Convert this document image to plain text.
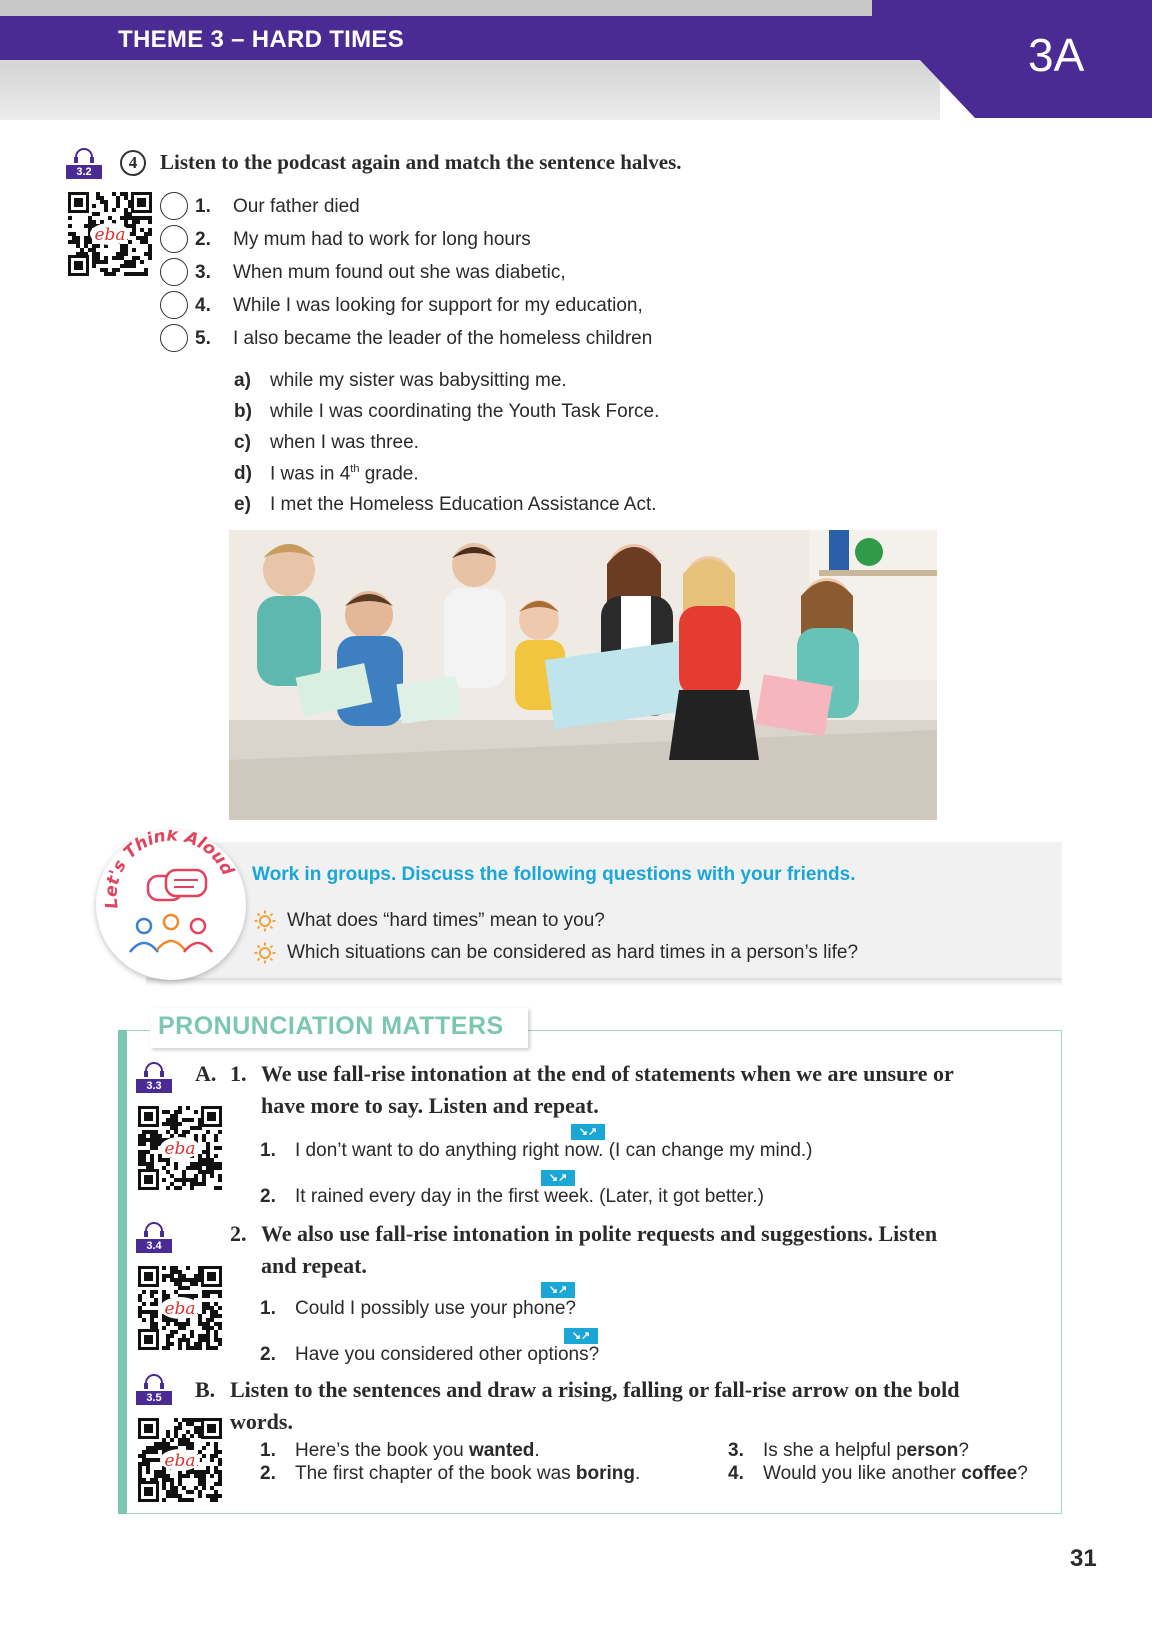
THEME 3 – HARD TIMES	3A
3.2
eba
4	Listen to the podcast again and match the sentence halves.
1. Our father died
2. My mum had to work for long hours
3. When mum found out she was diabetic,
4. While I was looking for support for my education,
5. I also became the leader of the homeless children
a) while my sister was babysitting me.
b) while I was coordinating the Youth Task Force.
c) when I was three.
d) I was in 4th grade.
e) I met the Homeless Education Assistance Act.
Let's Think Aloud Work in groups. Discuss the following questions with your friends.
What does “hard times” mean to you?
Which situations can be considered as hard times in a person’s life?
PRONUNCIATION MATTERS
3.3
eba
A. 1. We use fall-rise intonation at the end of statements when we are unsure or
have more to say. Listen and repeat.
↘↗
1. I don’t want to do anything right now. (I can change my mind.)
↘↗
2. It rained every day in the first week. (Later, it got better.)
3.4
eba
2. We also use fall-rise intonation in polite requests and suggestions. Listen
and repeat.
↘↗
1. Could I possibly use your phone?
↘↗
2. Have you considered other options?
3.5
eba
B. Listen to the sentences and draw a rising, falling or fall-rise arrow on the bold
words.
1. Here’s the book you wanted.
2. The first chapter of the book was boring.
3. Is she a helpful person?
4. Would you like another coffee?
31
